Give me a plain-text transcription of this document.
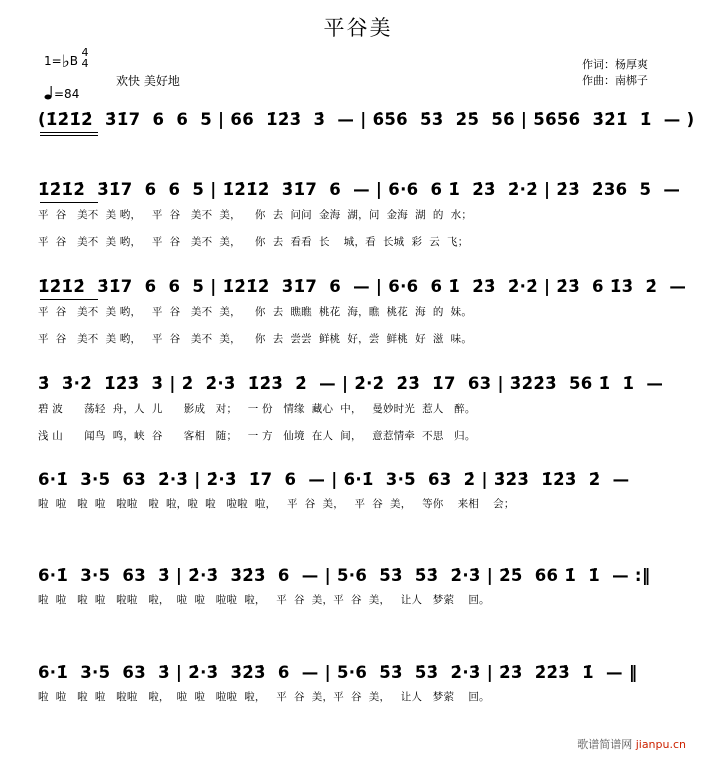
平谷美
1=♭B
4
4
=84
欢快 美好地
作词：杨厚爽
作曲：南梆子
(1̇2̇1̇2̇  3̇1̇7  6  6  5 | 66  1̇2̇3̇  3̇  — | 6̇5̇6̇  5̇3̇  2̇5̇  5̇6̇ | 5̇6̇5̇6̇  3̇2̇1̇  1̇  — )
1̇2̇1̇2̇  3̇1̇7  6  6  5 | 1̇2̇1̇2̇  3̇1̇7  6  — | 6·6  6 1̇  2̇3̇  2̇·2̇ | 2̇3̇  2̇36  5  —
平  谷   美不  美 哟，   平  谷   美不  美，    你  去  问问  金海  湖，问  金海  湖  的  水；
平  谷   美不  美 哟，   平  谷   美不  美，    你  去  看看  长    城，看  长城  彩  云  飞；
1̇2̇1̇2̇  3̇1̇7  6  6  5 | 1̇2̇1̇2̇  3̇1̇7  6  — | 6·6  6 1̇  2̇3̇  2̇·2̇ | 2̇3̇  6 1̇3̇  2̇  —
平  谷   美不  美 哟，   平  谷   美不  美，    你  去  瞧瞧  桃花  海，瞧  桃花  海  的  妹。
平  谷   美不  美 哟，   平  谷   美不  美，    你  去  尝尝  鲜桃  好，尝  鲜桃  好  滋  味。
3̇  3̇·2̇  1̇2̇3̇  3̇ | 2̇  2̇·3̇  1̇2̇3̇  2̇  — | 2̇·2̇  2̇3̇  1̇7  63 | 3̇2̇2̇3̇  56 1̇  1̇  —
碧 波      荡轻  舟，人  儿      影成   对；   一 份   情缘  藏心  中，   曼妙时光  惹人   醉。
浅 山      闻鸟  鸣，峡  谷      客相   随；   一 方   仙境  在人  间，   意惹情牵  不思   归。
6·1̇  3·5  63  2̇·3̇ | 2̇·3̇  1̇7  6  — | 6·1̇  3·5  63  2̇ | 3̇2̇3̇  1̇2̇3̇  2̇  —
啦  啦   啦  啦   啦啦   啦  啦，啦  啦   啦啦  啦，   平  谷  美，   平  谷  美，   等你    来相    会；
6·1̇  3·5  63  3̇ | 2̇·3̇  3̇2̇3̇  6  — | 5·6  5̇3̇  5̇3̇  2̇·3̇ | 2̇5̇  66 1̇  1̇  — :‖
啦  啦   啦  啦   啦啦   啦，  啦  啦   啦啦  啦，   平  谷  美，平  谷  美，   让人   梦萦    回。
6·1̇  3·5  63  3̇ | 2̇·3̇  3̇2̇3̇  6  — | 5·6  5̇3̇  5̇3̇  2̇·3̇ | 2̇3̇  2̇2̇3̇  1̇  — ‖
啦  啦   啦  啦   啦啦   啦，  啦  啦   啦啦  啦，   平  谷  美，平  谷  美，   让人   梦萦    回。
歌谱简谱网 jianpu.cn
